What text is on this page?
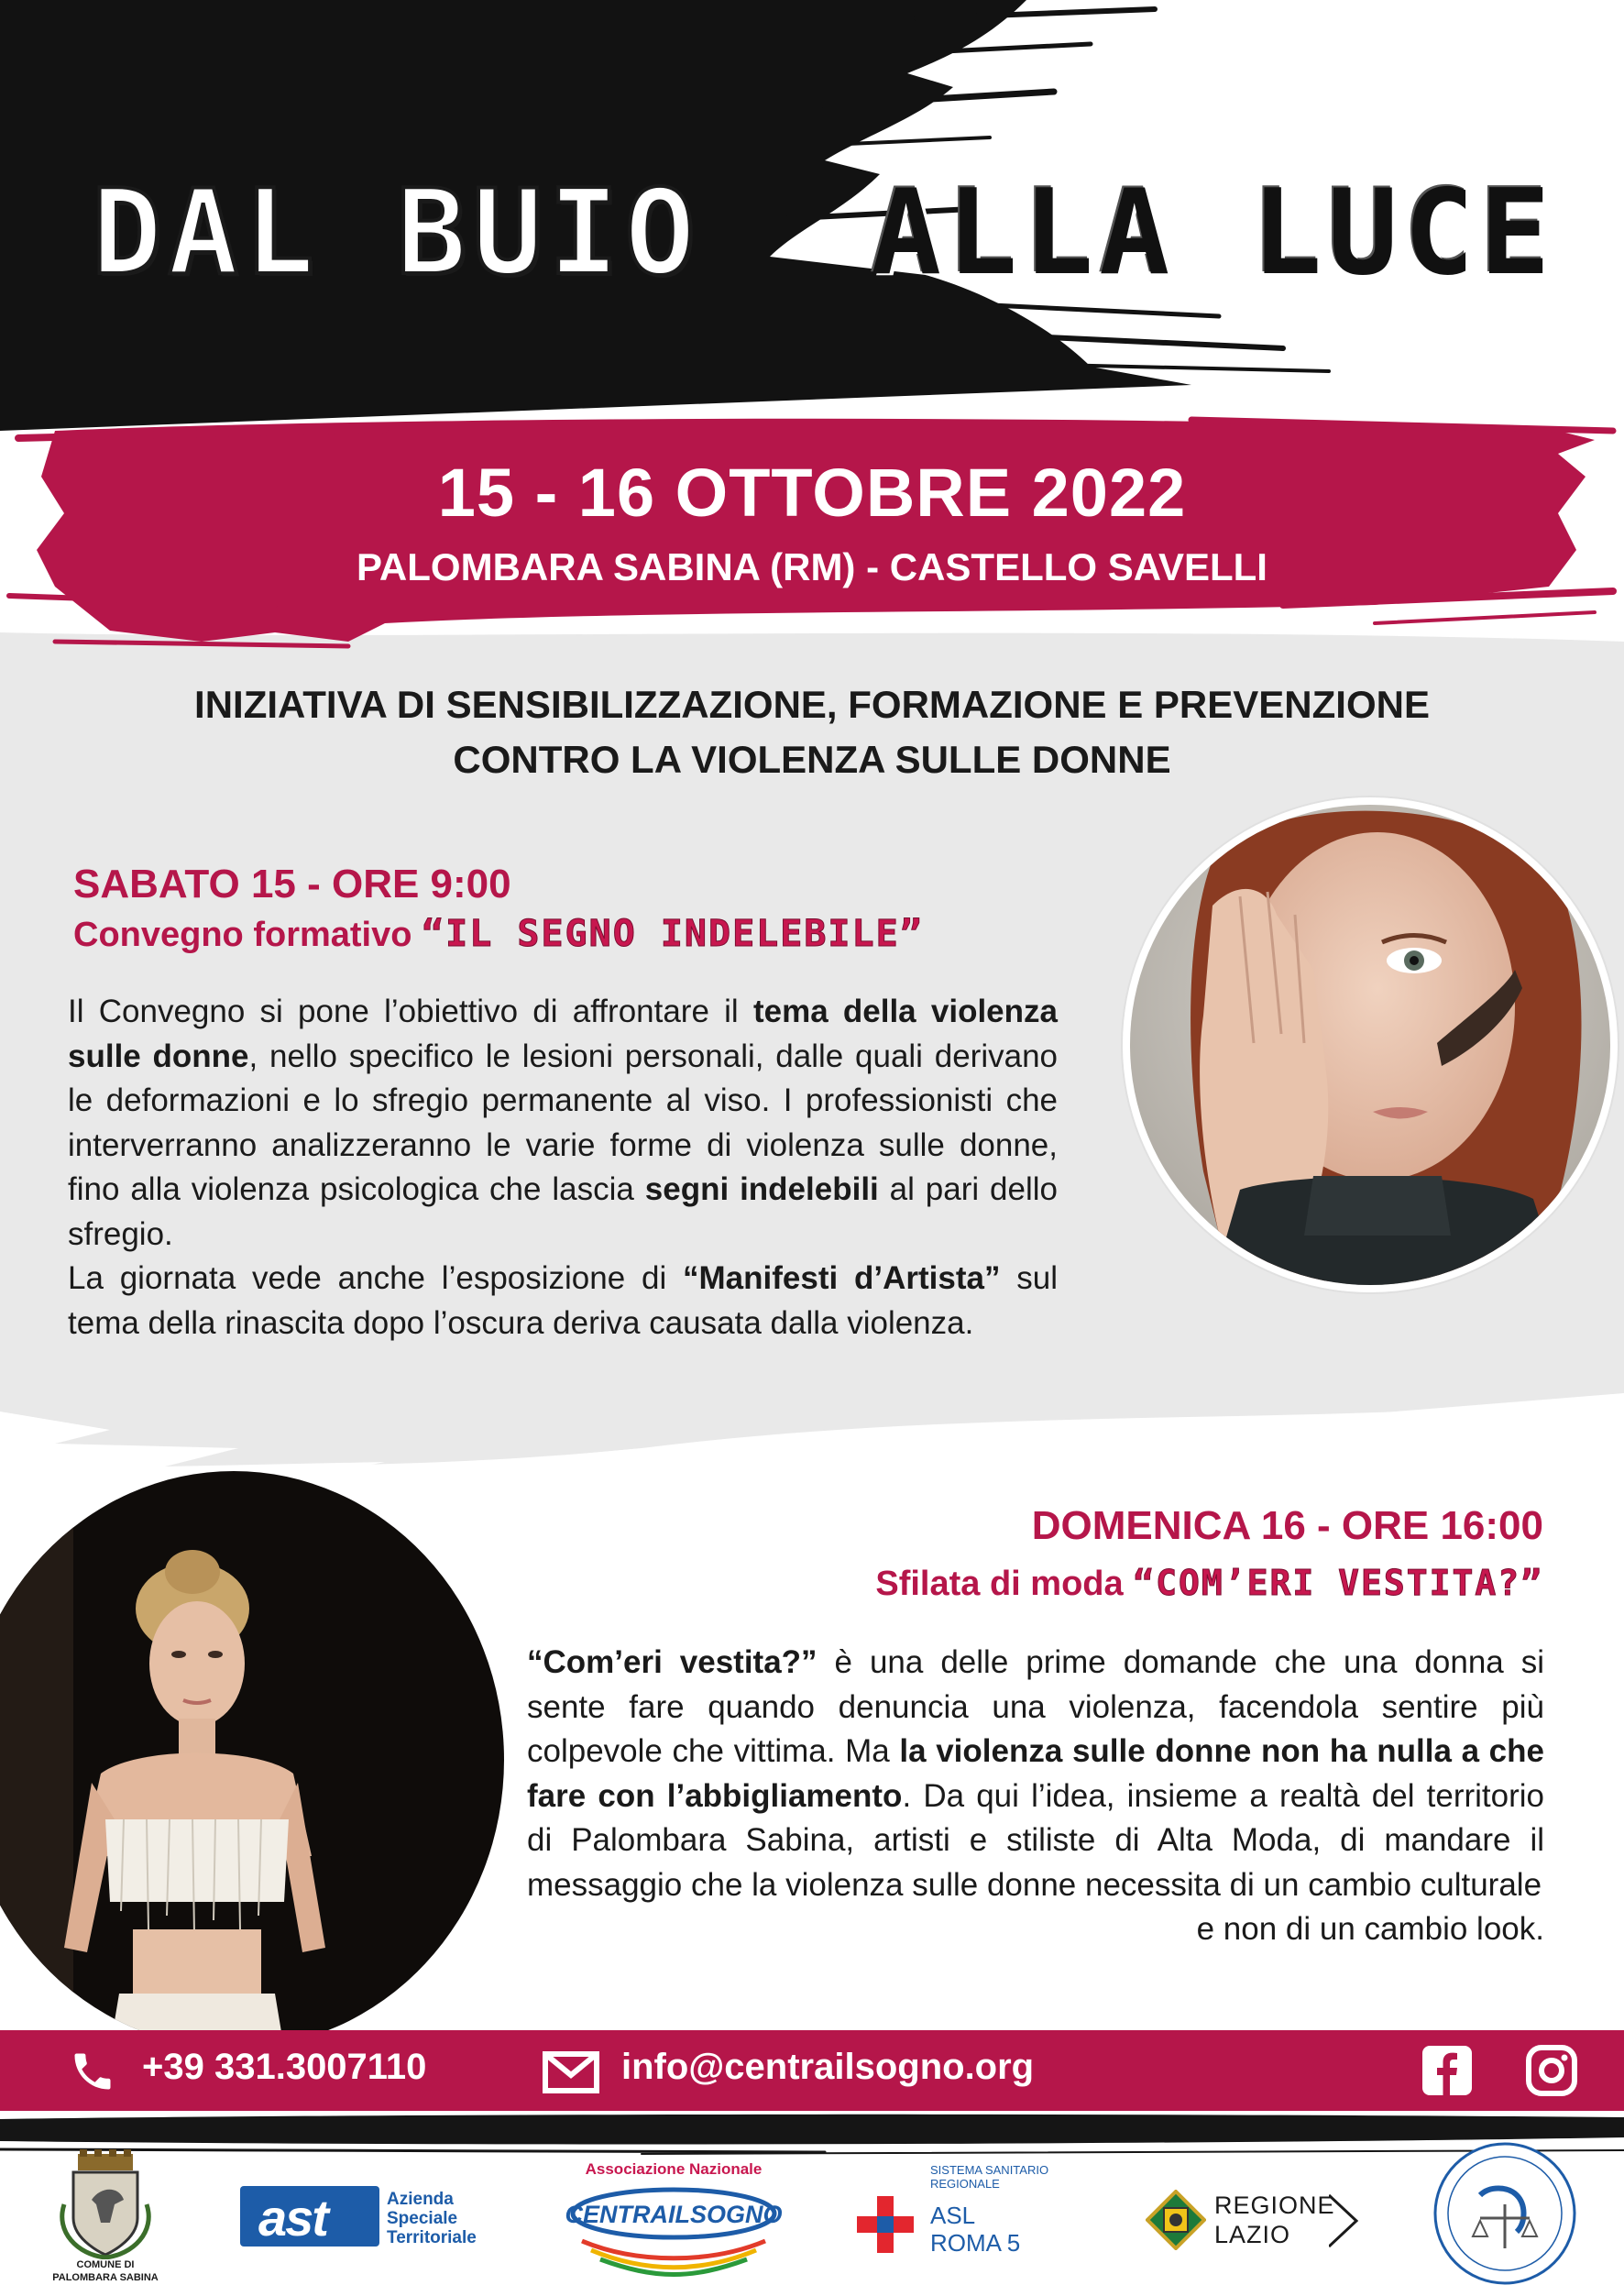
DAL BUIO ALLA LUCE
15 - 16 OTTOBRE 2022
PALOMBARA SABINA (RM) - CASTELLO SAVELLI
INIZIATIVA DI SENSIBILIZZAZIONE, FORMAZIONE E PREVENZIONE
CONTRO LA VIOLENZA SULLE DONNE
SABATO 15 - ORE 9:00
Convegno formativo “IL SEGNO INDELEBILE”
Il Convegno si pone l’obiettivo di affrontare il tema della violenza sulle donne, nello specifico le lesioni personali, dalle quali derivano le deformazioni e lo sfregio permanente al viso. I professionisti che interverranno analizzeranno le varie forme di violenza sulle donne, fino alla violenza psicologica che lascia segni indelebili al pari dello sfregio.
La giornata vede anche l’esposizione di “Manifesti d’Artista” sul tema della rinascita dopo l’oscura deriva causata dalla violenza.
DOMENICA 16 - ORE 16:00
Sfilata di moda “COM’ERI VESTITA?”
“Com’eri vestita?” è una delle prime domande che una donna si sente fare quando denuncia una violenza, facendola sentire più colpevole che vittima. Ma la violenza sulle donne non ha nulla a che fare con l’abbigliamento. Da qui l’idea, insieme a realtà del territorio di Palombara Sabina, artisti e stiliste di Alta Moda, di mandare il messaggio che la violenza sulle donne necessita di un cambio culturale
e non di un cambio look.
+39 331.3007110	info@centrailsogno.org
COMUNE DI
PALOMBARA SABINA
ast	Azienda
Speciale
Territoriale
Associazione Nazionale
CENTRAILSOGNO
SISTEMA SANITARIO REGIONALE
ASL
ROMA 5
REGIONE
LAZIO
